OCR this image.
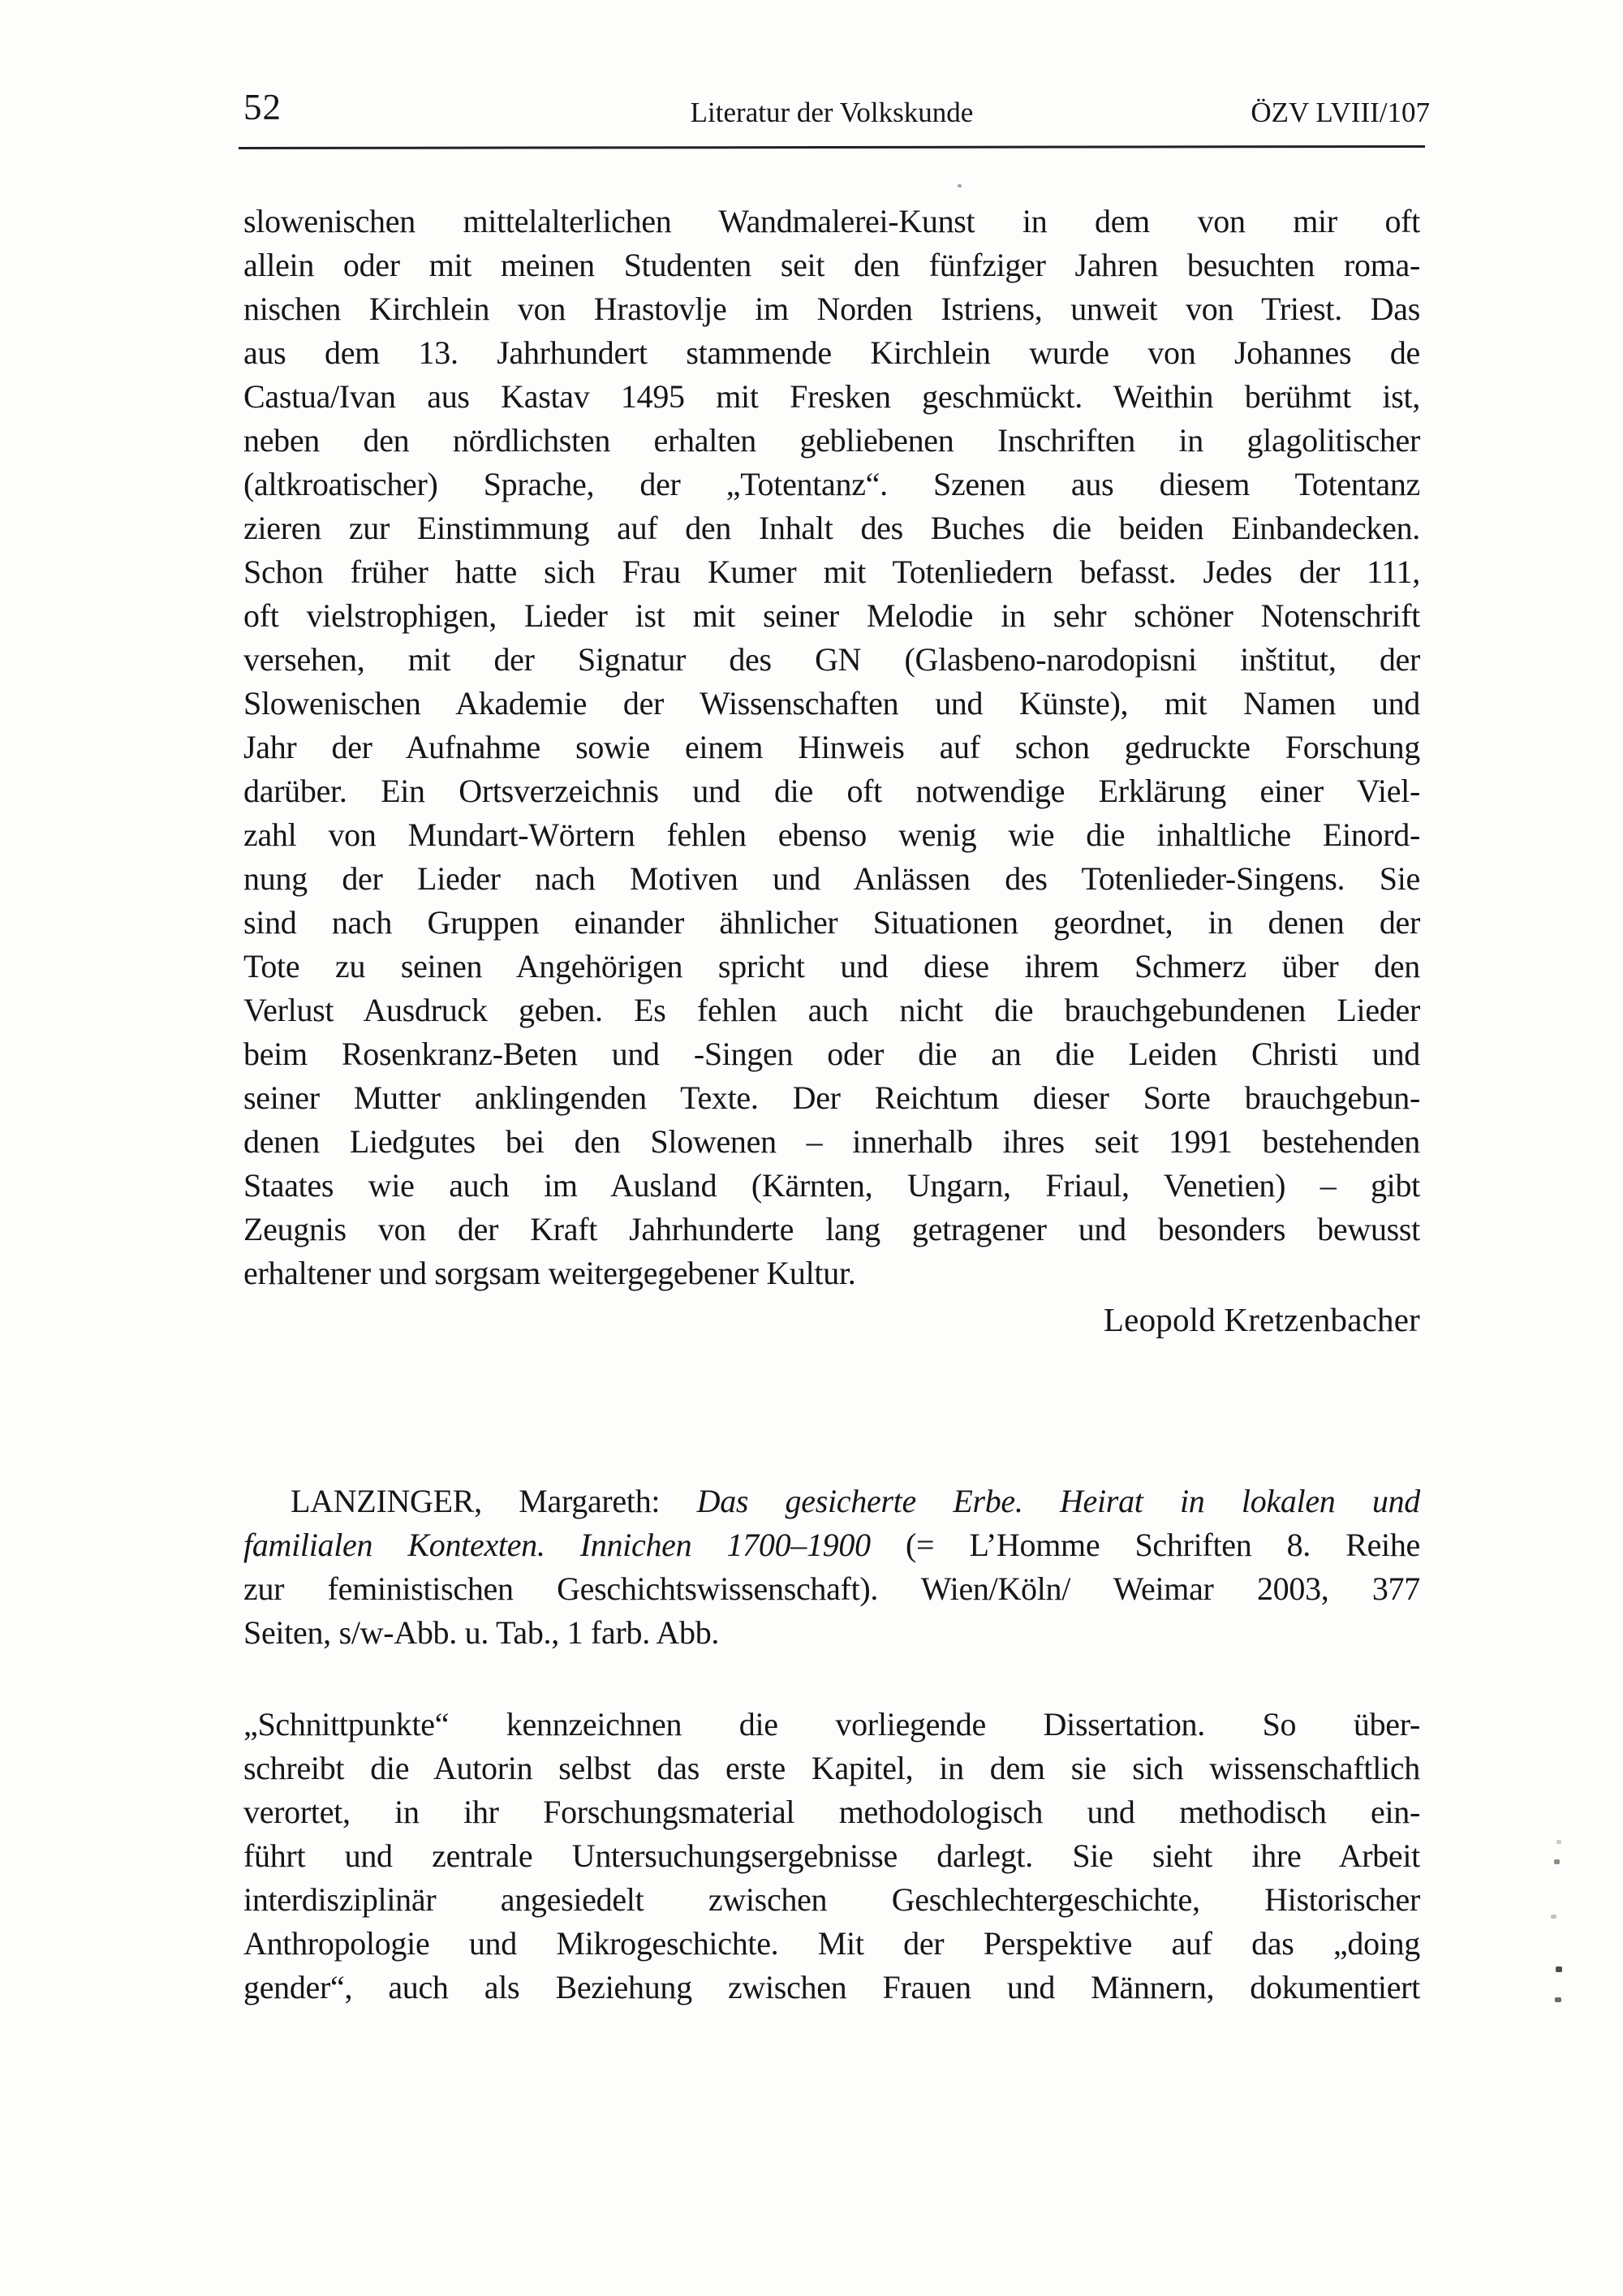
52	Literatur der Volkskunde	ÖZV LVIII/107
slowenischen mittelalterlichen Wandmalerei-Kunst in dem von mir oft
allein oder mit meinen Studenten seit den fünfziger Jahren besuchten roma-
nischen Kirchlein von Hrastovlje im Norden Istriens, unweit von Triest. Das
aus dem 13. Jahrhundert stammende Kirchlein wurde von Johannes de
Castua/Ivan aus Kastav 1495 mit Fresken geschmückt. Weithin berühmt ist,
neben den nördlichsten erhalten gebliebenen Inschriften in glagolitischer
(altkroatischer) Sprache, der „Totentanz“. Szenen aus diesem Totentanz
zieren zur Einstimmung auf den Inhalt des Buches die beiden Einbandecken.
Schon früher hatte sich Frau Kumer mit Totenliedern befasst. Jedes der 111,
oft vielstrophigen, Lieder ist mit seiner Melodie in sehr schöner Notenschrift
versehen, mit der Signatur des GN (Glasbeno-narodopisni inštitut, der
Slowenischen Akademie der Wissenschaften und Künste), mit Namen und
Jahr der Aufnahme sowie einem Hinweis auf schon gedruckte Forschung
darüber. Ein Ortsverzeichnis und die oft notwendige Erklärung einer Viel-
zahl von Mundart-Wörtern fehlen ebenso wenig wie die inhaltliche Einord-
nung der Lieder nach Motiven und Anlässen des Totenlieder-Singens. Sie
sind nach Gruppen einander ähnlicher Situationen geordnet, in denen der
Tote zu seinen Angehörigen spricht und diese ihrem Schmerz über den
Verlust Ausdruck geben. Es fehlen auch nicht die brauchgebundenen Lieder
beim Rosenkranz-Beten und -Singen oder die an die Leiden Christi und
seiner Mutter anklingenden Texte. Der Reichtum dieser Sorte brauchgebun-
denen Liedgutes bei den Slowenen – innerhalb ihres seit 1991 bestehenden
Staates wie auch im Ausland (Kärnten, Ungarn, Friaul, Venetien) – gibt
Zeugnis von der Kraft Jahrhunderte lang getragener und besonders bewusst
erhaltener und sorgsam weitergegebener Kultur.
Leopold Kretzenbacher
LANZINGER, Margareth: Das gesicherte Erbe. Heirat in lokalen und
familialen Kontexten. Innichen 1700–1900 (= L’Homme Schriften 8. Reihe
zur feministischen Geschichtswissenschaft). Wien/Köln/ Weimar 2003, 377
Seiten, s/w-Abb. u. Tab., 1 farb. Abb.
„Schnittpunkte“ kennzeichnen die vorliegende Dissertation. So über-
schreibt die Autorin selbst das erste Kapitel, in dem sie sich wissenschaftlich
verortet, in ihr Forschungsmaterial methodologisch und methodisch ein-
führt und zentrale Untersuchungsergebnisse darlegt. Sie sieht ihre Arbeit
interdisziplinär angesiedelt zwischen Geschlechtergeschichte, Historischer
Anthropologie und Mikrogeschichte. Mit der Perspektive auf das „doing
gender“, auch als Beziehung zwischen Frauen und Männern, dokumentiert
